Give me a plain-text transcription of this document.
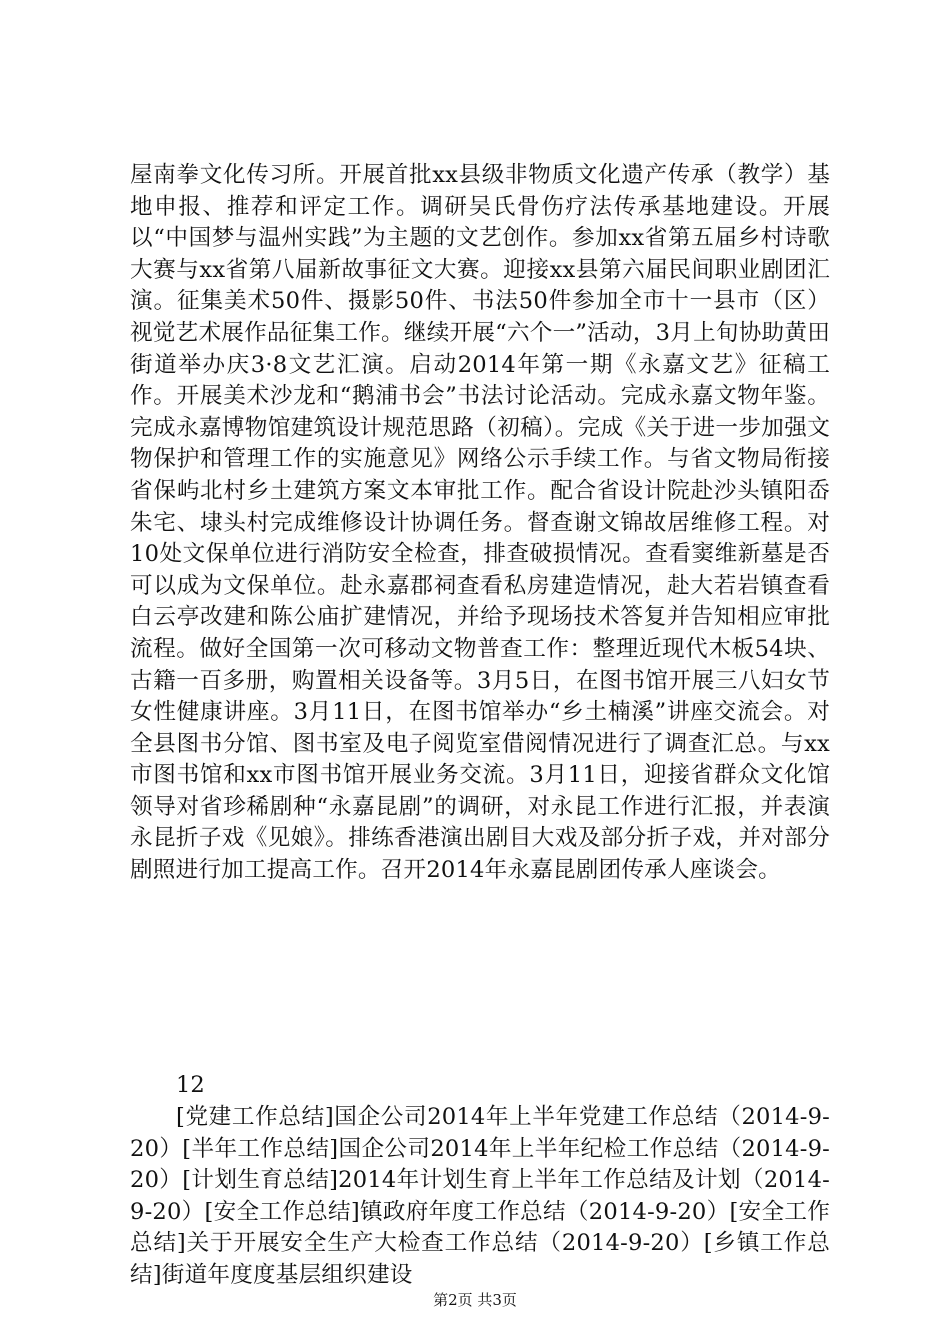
屋南拳文化传习所。开展首批xx县级非物质文化遗产传承（教学）基地申报、推荐和评定工作。调研吴氏骨伤疗法传承基地建设。开展以“中国梦与温州实践”为主题的文艺创作。参加xx省第五届乡村诗歌大赛与xx省第八届新故事征文大赛。迎接xx县第六届民间职业剧团汇演。征集美术50件、摄影50件、书法50件参加全市十一县市（区）视觉艺术展作品征集工作。继续开展“六个一”活动，3月上旬协助黄田街道举办庆3·8文艺汇演。启动2014年第一期《永嘉文艺》征稿工作。开展美术沙龙和“鹅浦书会”书法讨论活动。完成永嘉文物年鉴。完成永嘉博物馆建筑设计规范思路（初稿）。完成《关于进一步加强文物保护和管理工作的实施意见》网络公示手续工作。与省文物局衔接省保屿北村乡土建筑方案文本审批工作。配合省设计院赴沙头镇阳岙朱宅、埭头村完成维修设计协调任务。督查谢文锦故居维修工程。对10处文保单位进行消防安全检查，排查破损情况。查看窦维新墓是否可以成为文保单位。赴永嘉郡祠查看私房建造情况，赴大若岩镇查看白云亭改建和陈公庙扩建情况，并给予现场技术答复并告知相应审批流程。做好全国第一次可移动文物普查工作：整理近现代木板54块、古籍一百多册，购置相关设备等。3月5日，在图书馆开展三八妇女节女性健康讲座。3月11日，在图书馆举办“乡土楠溪”讲座交流会。对全县图书分馆、图书室及电子阅览室借阅情况进行了调查汇总。与xx市图书馆和xx市图书馆开展业务交流。3月11日，迎接省群众文化馆领导对省珍稀剧种“永嘉昆剧”的调研，对永昆工作进行汇报，并表演永昆折子戏《见娘》。排练香港演出剧目大戏及部分折子戏，并对部分剧照进行加工提高工作。召开2014年永嘉昆剧团传承人座谈会。

12

[党建工作总结]国企公司2014年上半年党建工作总结（2014-9-20）[半年工作总结]国企公司2014年上半年纪检工作总结（2014-9-20）[计划生育总结]2014年计划生育上半年工作总结及计划（2014-9-20）[安全工作总结]镇政府年度工作总结（2014-9-20）[安全工作总结]关于开展安全生产大检查工作总结（2014-9-20）[乡镇工作总结]街道年度度基层组织建设

第2页 共3页
